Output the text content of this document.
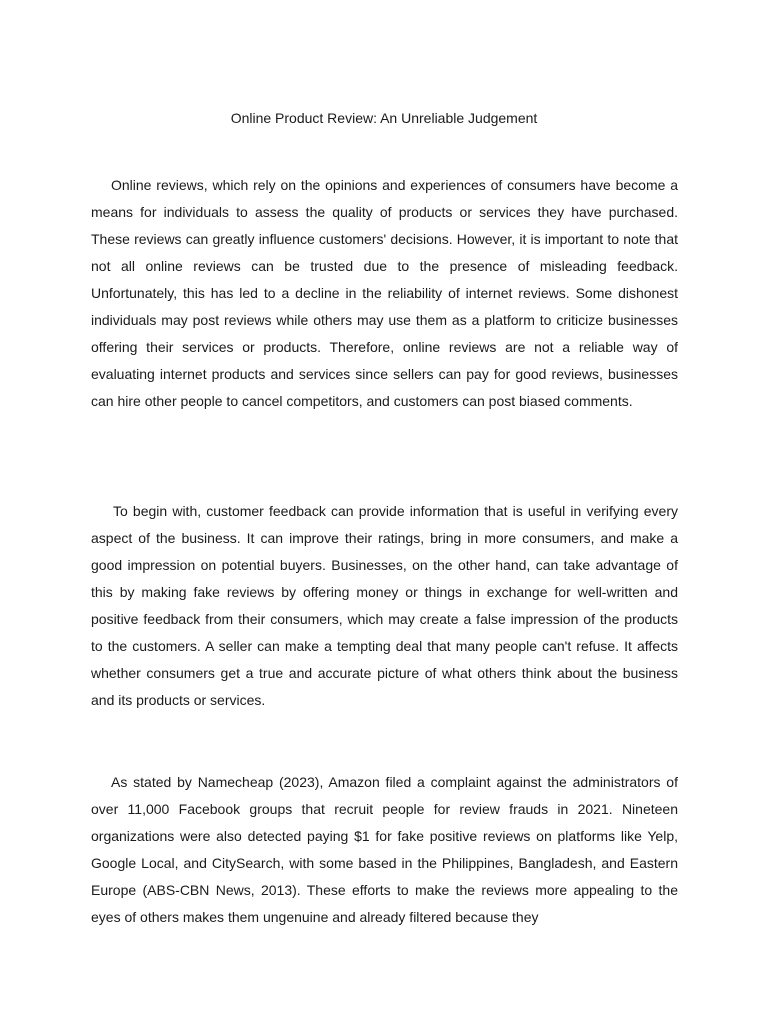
Online Product Review: An Unreliable Judgement

Online reviews, which rely on the opinions and experiences of consumers have become a means for individuals to assess the quality of products or services they have purchased. These reviews can greatly influence customers' decisions. However, it is important to note that not all online reviews can be trusted due to the presence of misleading feedback. Unfortunately, this has led to a decline in the reliability of internet reviews. Some dishonest individuals may post reviews while others may use them as a platform to criticize businesses offering their services or products. Therefore, online reviews are not a reliable way of evaluating internet products and services since sellers can pay for good reviews, businesses can hire other people to cancel competitors, and customers can post biased comments.

To begin with, customer feedback can provide information that is useful in verifying every aspect of the business. It can improve their ratings, bring in more consumers, and make a good impression on potential buyers. Businesses, on the other hand, can take advantage of this by making fake reviews by offering money or things in exchange for well-written and positive feedback from their consumers, which may create a false impression of the products to the customers. A seller can make a tempting deal that many people can't refuse. It affects whether consumers get a true and accurate picture of what others think about the business and its products or services.

As stated by Namecheap (2023), Amazon filed a complaint against the administrators of over 11,000 Facebook groups that recruit people for review frauds in 2021. Nineteen organizations were also detected paying $1 for fake positive reviews on platforms like Yelp, Google Local, and CitySearch, with some based in the Philippines, Bangladesh, and Eastern Europe (ABS-CBN News, 2013). These efforts to make the reviews more appealing to the eyes of others makes them ungenuine and already filtered because they
